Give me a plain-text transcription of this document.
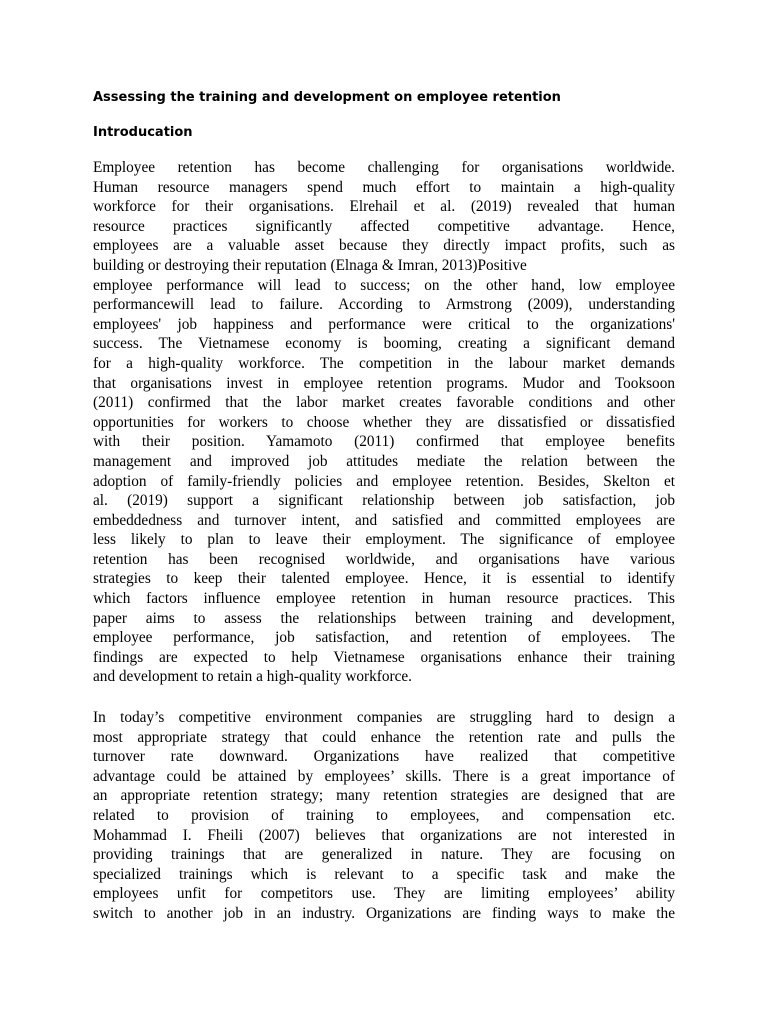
Assessing the training and development on employee retention
Introducation
Employee retention has become challenging for organisations worldwide.
Human resource managers spend much effort to maintain a high-quality
workforce for their organisations. Elrehail et al. (2019) revealed that human
resource practices significantly affected competitive advantage. Hence,
employees are a valuable asset because they directly impact profits, such as
building or destroying their reputation (Elnaga & Imran, 2013)Positive
employee performance will lead to success; on the other hand, low employee
performancewill lead to failure. According to Armstrong (2009), understanding
employees' job happiness and performance were critical to the organizations'
success. The Vietnamese economy is booming, creating a significant demand
for a high-quality workforce. The competition in the labour market demands
that organisations invest in employee retention programs. Mudor and Tooksoon
(2011) confirmed that the labor market creates favorable conditions and other
opportunities for workers to choose whether they are dissatisfied or dissatisfied
with their position. Yamamoto (2011) confirmed that employee benefits
management and improved job attitudes mediate the relation between the
adoption of family-friendly policies and employee retention. Besides, Skelton et
al. (2019) support a significant relationship between job satisfaction, job
embeddedness and turnover intent, and satisfied and committed employees are
less likely to plan to leave their employment. The significance of employee
retention has been recognised worldwide, and organisations have various
strategies to keep their talented employee. Hence, it is essential to identify
which factors influence employee retention in human resource practices. This
paper aims to assess the relationships between training and development,
employee performance, job satisfaction, and retention of employees. The
findings are expected to help Vietnamese organisations enhance their training
and development to retain a high-quality workforce.
In today’s competitive environment companies are struggling hard to design a
most appropriate strategy that could enhance the retention rate and pulls the
turnover rate downward. Organizations have realized that competitive
advantage could be attained by employees’ skills. There is a great importance of
an appropriate retention strategy; many retention strategies are designed that are
related to provision of training to employees, and compensation etc.
Mohammad I. Fheili (2007) believes that organizations are not interested in
providing trainings that are generalized in nature. They are focusing on
specialized trainings which is relevant to a specific task and make the
employees unfit for competitors use. They are limiting employees’ ability
switch to another job in an industry. Organizations are finding ways to make the
